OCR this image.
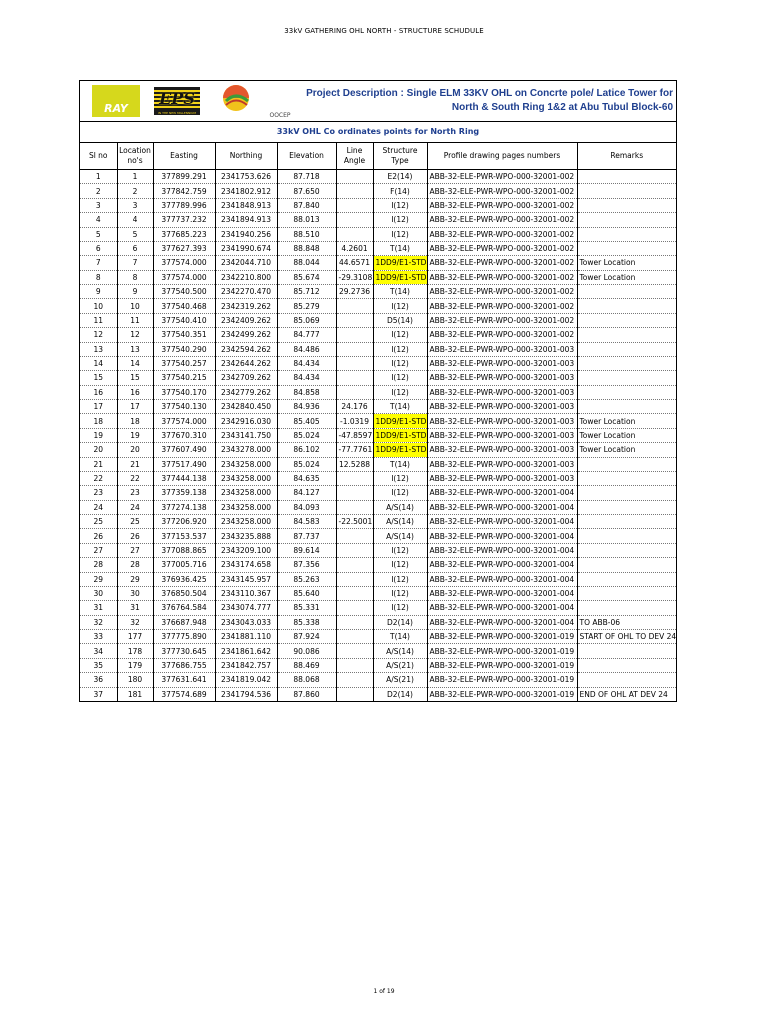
33kV GATHERING OHL NORTH - STRUCTURE SCHUDULE
RAY
EPS
IN THE NEW MILLENNIUM	OOCEP
Project Description : Single ELM 33KV OHL on Concrte pole/ Latice Tower for
North & South Ring 1&2 at Abu Tubul Block-60
33kV OHL Co ordinates points for North Ring
Sl no	Location no's	Easting	Northing	Elevation	Line Angle	Structure Type	Profile drawing pages numbers	Remarks
1	1	377899.291	2341753.626	87.718		E2(14)	ABB-32-ELE-PWR-WPO-000-32001-002	
2	2	377842.759	2341802.912	87.650		F(14)	ABB-32-ELE-PWR-WPO-000-32001-002	
3	3	377789.996	2341848.913	87.840		I(12)	ABB-32-ELE-PWR-WPO-000-32001-002	
4	4	377737.232	2341894.913	88.013		I(12)	ABB-32-ELE-PWR-WPO-000-32001-002	
5	5	377685.223	2341940.256	88.510		I(12)	ABB-32-ELE-PWR-WPO-000-32001-002	
6	6	377627.393	2341990.674	88.848	4.2601	T(14)	ABB-32-ELE-PWR-WPO-000-32001-002	
7	7	377574.000	2342044.710	88.044	44.6571	1DD9/E1-STD	ABB-32-ELE-PWR-WPO-000-32001-002	Tower Location
8	8	377574.000	2342210.800	85.674	-29.3108	1DD9/E1-STD	ABB-32-ELE-PWR-WPO-000-32001-002	Tower Location
9	9	377540.500	2342270.470	85.712	29.2736	T(14)	ABB-32-ELE-PWR-WPO-000-32001-002	
10	10	377540.468	2342319.262	85.279		I(12)	ABB-32-ELE-PWR-WPO-000-32001-002	
11	11	377540.410	2342409.262	85.069		D5(14)	ABB-32-ELE-PWR-WPO-000-32001-002	
12	12	377540.351	2342499.262	84.777		I(12)	ABB-32-ELE-PWR-WPO-000-32001-002	
13	13	377540.290	2342594.262	84.486		I(12)	ABB-32-ELE-PWR-WPO-000-32001-003	
14	14	377540.257	2342644.262	84.434		I(12)	ABB-32-ELE-PWR-WPO-000-32001-003	
15	15	377540.215	2342709.262	84.434		I(12)	ABB-32-ELE-PWR-WPO-000-32001-003	
16	16	377540.170	2342779.262	84.858		I(12)	ABB-32-ELE-PWR-WPO-000-32001-003	
17	17	377540.130	2342840.450	84.936	24.176	T(14)	ABB-32-ELE-PWR-WPO-000-32001-003	
18	18	377574.000	2342916.030	85.405	-1.0319	1DD9/E1-STD	ABB-32-ELE-PWR-WPO-000-32001-003	Tower Location
19	19	377670.310	2343141.750	85.024	-47.8597	1DD9/E1-STD	ABB-32-ELE-PWR-WPO-000-32001-003	Tower Location
20	20	377607.490	2343278.000	86.102	-77.7761	1DD9/E1-STD	ABB-32-ELE-PWR-WPO-000-32001-003	Tower Location
21	21	377517.490	2343258.000	85.024	12.5288	T(14)	ABB-32-ELE-PWR-WPO-000-32001-003	
22	22	377444.138	2343258.000	84.635		I(12)	ABB-32-ELE-PWR-WPO-000-32001-003	
23	23	377359.138	2343258.000	84.127		I(12)	ABB-32-ELE-PWR-WPO-000-32001-004	
24	24	377274.138	2343258.000	84.093		A/S(14)	ABB-32-ELE-PWR-WPO-000-32001-004	
25	25	377206.920	2343258.000	84.583	-22.5001	A/S(14)	ABB-32-ELE-PWR-WPO-000-32001-004	
26	26	377153.537	2343235.888	87.737		A/S(14)	ABB-32-ELE-PWR-WPO-000-32001-004	
27	27	377088.865	2343209.100	89.614		I(12)	ABB-32-ELE-PWR-WPO-000-32001-004	
28	28	377005.716	2343174.658	87.356		I(12)	ABB-32-ELE-PWR-WPO-000-32001-004	
29	29	376936.425	2343145.957	85.263		I(12)	ABB-32-ELE-PWR-WPO-000-32001-004	
30	30	376850.504	2343110.367	85.640		I(12)	ABB-32-ELE-PWR-WPO-000-32001-004	
31	31	376764.584	2343074.777	85.331		I(12)	ABB-32-ELE-PWR-WPO-000-32001-004	
32	32	376687.948	2343043.033	85.338		D2(14)	ABB-32-ELE-PWR-WPO-000-32001-004	TO ABB-06
33	177	377775.890	2341881.110	87.924		T(14)	ABB-32-ELE-PWR-WPO-000-32001-019	START OF OHL TO DEV 24
34	178	377730.645	2341861.642	90.086		A/S(14)	ABB-32-ELE-PWR-WPO-000-32001-019	
35	179	377686.755	2341842.757	88.469		A/S(21)	ABB-32-ELE-PWR-WPO-000-32001-019	
36	180	377631.641	2341819.042	88.068		A/S(21)	ABB-32-ELE-PWR-WPO-000-32001-019	
37	181	377574.689	2341794.536	87.860		D2(14)	ABB-32-ELE-PWR-WPO-000-32001-019	END OF OHL AT DEV 24
1 of 19
